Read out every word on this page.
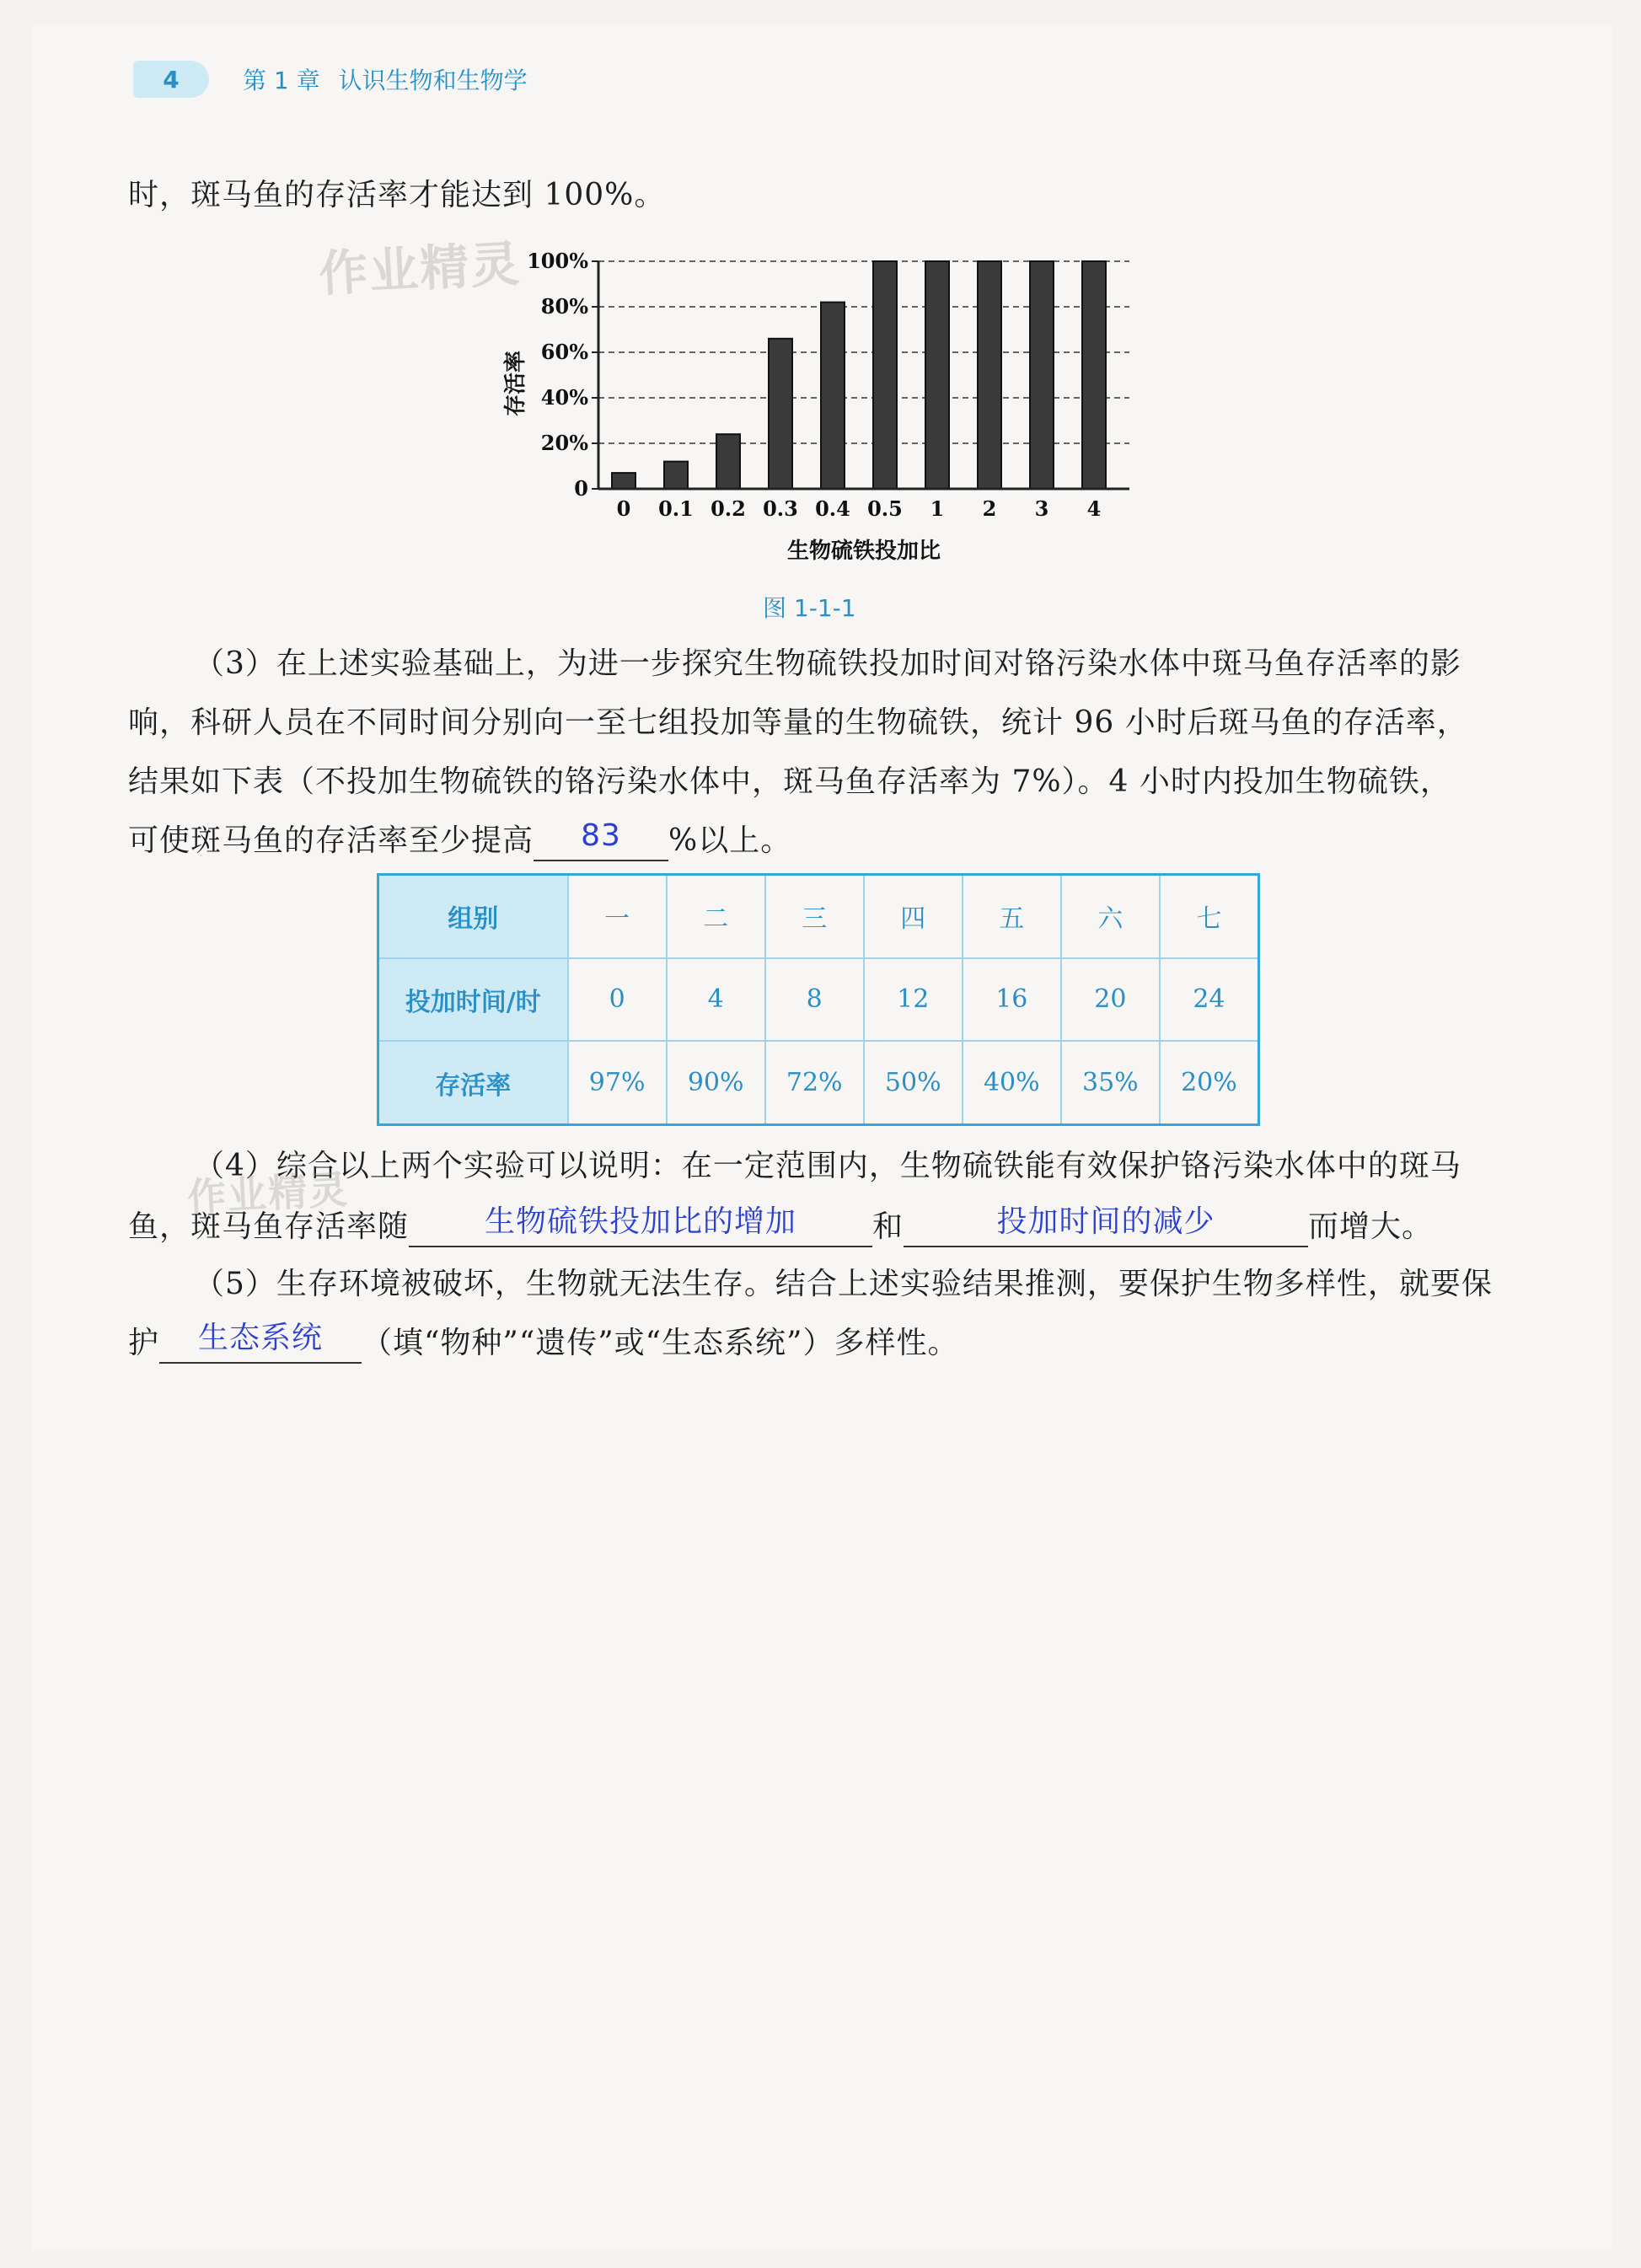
4	第 1 章 认识生物和生物学
时，斑马鱼的存活率才能达到 100%。
作业精灵
0
20%
40%
60%
80%
100%
0 0.1 0.2 0.3 0.4 0.5 1 2 3 4
存活率
生物硫铁投加比
图 1-1-1
（3）在上述实验基础上，为进一步探究生物硫铁投加时间对铬污染水体中斑马鱼存活率的影
响，科研人员在不同时间分别向一至七组投加等量的生物硫铁，统计 96 小时后斑马鱼的存活率，
结果如下表（不投加生物硫铁的铬污染水体中，斑马鱼存活率为 7%）。4 小时内投加生物硫铁，
可使斑马鱼的存活率至少提高	83	%以上。
组别	一	二	三	四	五	六	七
投加时间/时	0	4	8	12	16	20	24
存活率	97%	90%	72%	50%	40%	35%	20%
（4）综合以上两个实验可以说明：在一定范围内，生物硫铁能有效保护铬污染水体中的斑马
作业精灵
鱼，斑马鱼存活率随	生物硫铁投加比的增加	和	投加时间的减少	而增大。
（5）生存环境被破坏，生物就无法生存。结合上述实验结果推测，要保护生物多样性，就要保
护	生态系统	（填“物种”“遗传”或“生态系统”）多样性。
